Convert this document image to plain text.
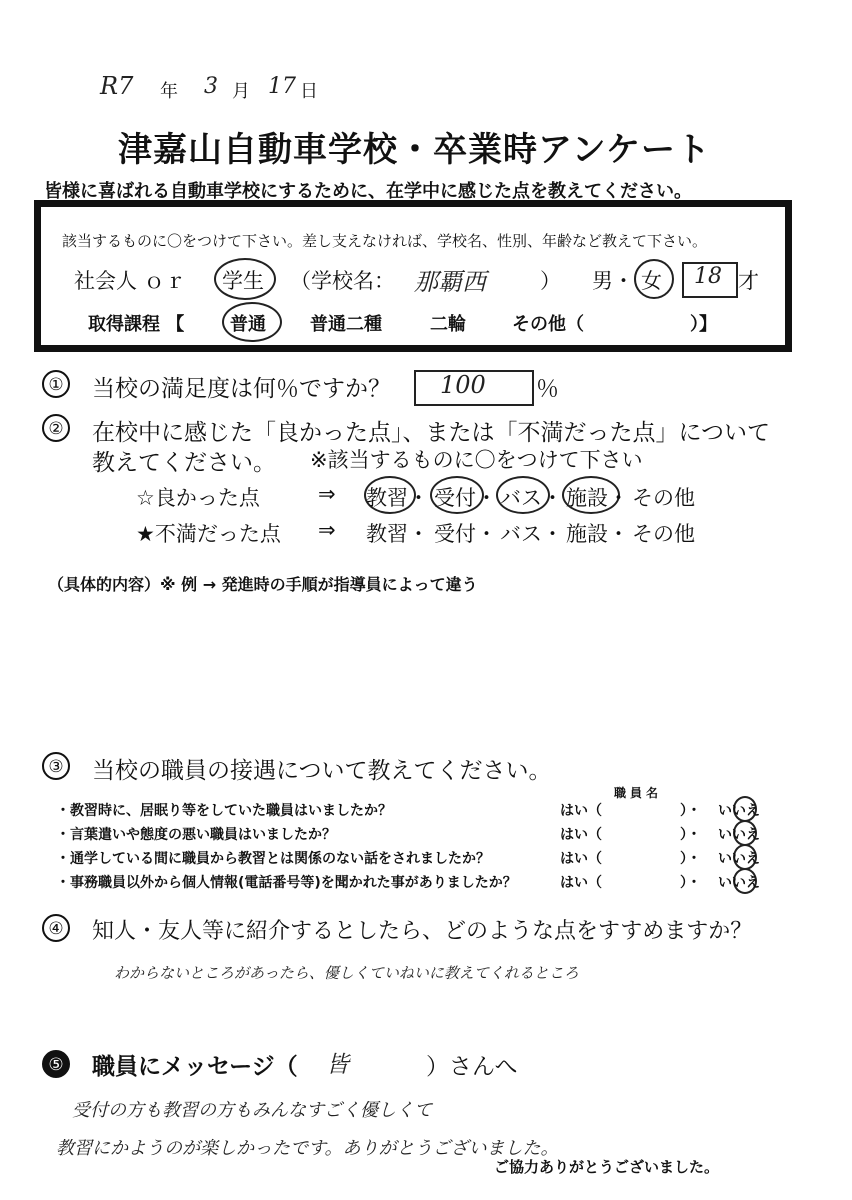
R7 年 3 月 17 日
津嘉山自動車学校・卒業時アンケート
皆様に喜ばれる自動車学校にするために、在学中に感じた点を教えてください。
該当するものに〇をつけて下さい。差し支えなければ、学校名、性別、年齢など教えて下さい。
社会人 ｏｒ 学生 （学校名： 那覇西	） 男・ 女 18 才
取得課程 【	普通 普通二種	二輪	その他（	）】
① 当校の満足度は何％ですか？ 100 ％
② 在校中に感じた「良かった点」、または「不満だった点」について
教えてください。 ※該当するものに〇をつけて下さい
☆良かった点	⇒ 教習 ・ 受付 ・ バス ・ 施設 ・ その他
★不満だった点 ⇒ 教習 ・ 受付 ・ バス ・ 施設 ・ その他
（具体的内容）※ 例 → 発進時の手順が指導員によって違う
③ 当校の職員の接遇について教えてください。
職員名
・教習時に、居眠り等をしていた職員はいましたか？	はい（	）・ いいえ
・言葉遣いや態度の悪い職員はいましたか？	はい（	）・ いいえ
・通学している間に職員から教習とは関係のない話をされましたか？	はい（	）・ いいえ
・事務職員以外から個人情報(電話番号等)を聞かれた事がありましたか？	はい（	）・ いいえ
④ 知人・友人等に紹介するとしたら、どのような点をすすめますか？
わからないところがあったら、優しくていねいに教えてくれるところ
⑤ 職員にメッセージ（ 皆	）さんへ
受付の方も教習の方もみんなすごく優しくて
教習にかようのが楽しかったです。ありがとうございました。
ご協力ありがとうございました。
